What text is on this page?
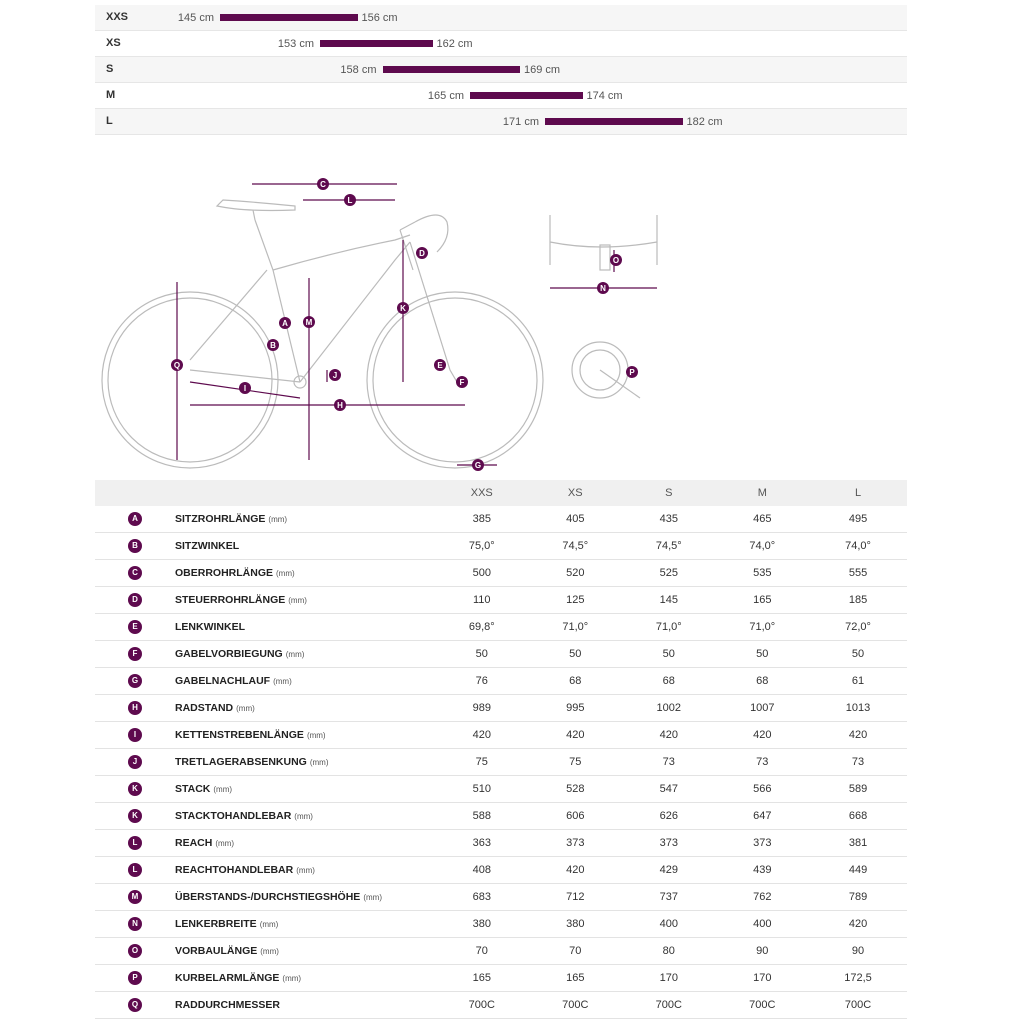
XXS	145 cm	156 cm
XS	153 cm	162 cm
S	158 cm	169 cm
M	165 cm	174 cm
L	171 cm	182 cm
A
B
C
D
E
F
G
H
I
J
K
L
M
N
O
P
Q
		XXS	XS	S	M	L
A	SITZROHRLÄNGE (mm)	385	405	435	465	495
B	SITZWINKEL	75,0°	74,5°	74,5°	74,0°	74,0°
C	OBERROHRLÄNGE (mm)	500	520	525	535	555
D	STEUERROHRLÄNGE (mm)	110	125	145	165	185
E	LENKWINKEL	69,8°	71,0°	71,0°	71,0°	72,0°
F	GABELVORBIEGUNG (mm)	50	50	50	50	50
G	GABELNACHLAUF (mm)	76	68	68	68	61
H	RADSTAND (mm)	989	995	1002	1007	1013
I	KETTENSTREBENLÄNGE (mm)	420	420	420	420	420
J	TRETLAGERABSENKUNG (mm)	75	75	73	73	73
K	STACK (mm)	510	528	547	566	589
K	STACKTOHANDLEBAR (mm)	588	606	626	647	668
L	REACH (mm)	363	373	373	373	381
L	REACHTOHANDLEBAR (mm)	408	420	429	439	449
M	ÜBERSTANDS-/DURCHSTIEGSHÖHE (mm)	683	712	737	762	789
N	LENKERBREITE (mm)	380	380	400	400	420
O	VORBAULÄNGE (mm)	70	70	80	90	90
P	KURBELARMLÄNGE (mm)	165	165	170	170	172,5
Q	RADDURCHMESSER	700C	700C	700C	700C	700C
